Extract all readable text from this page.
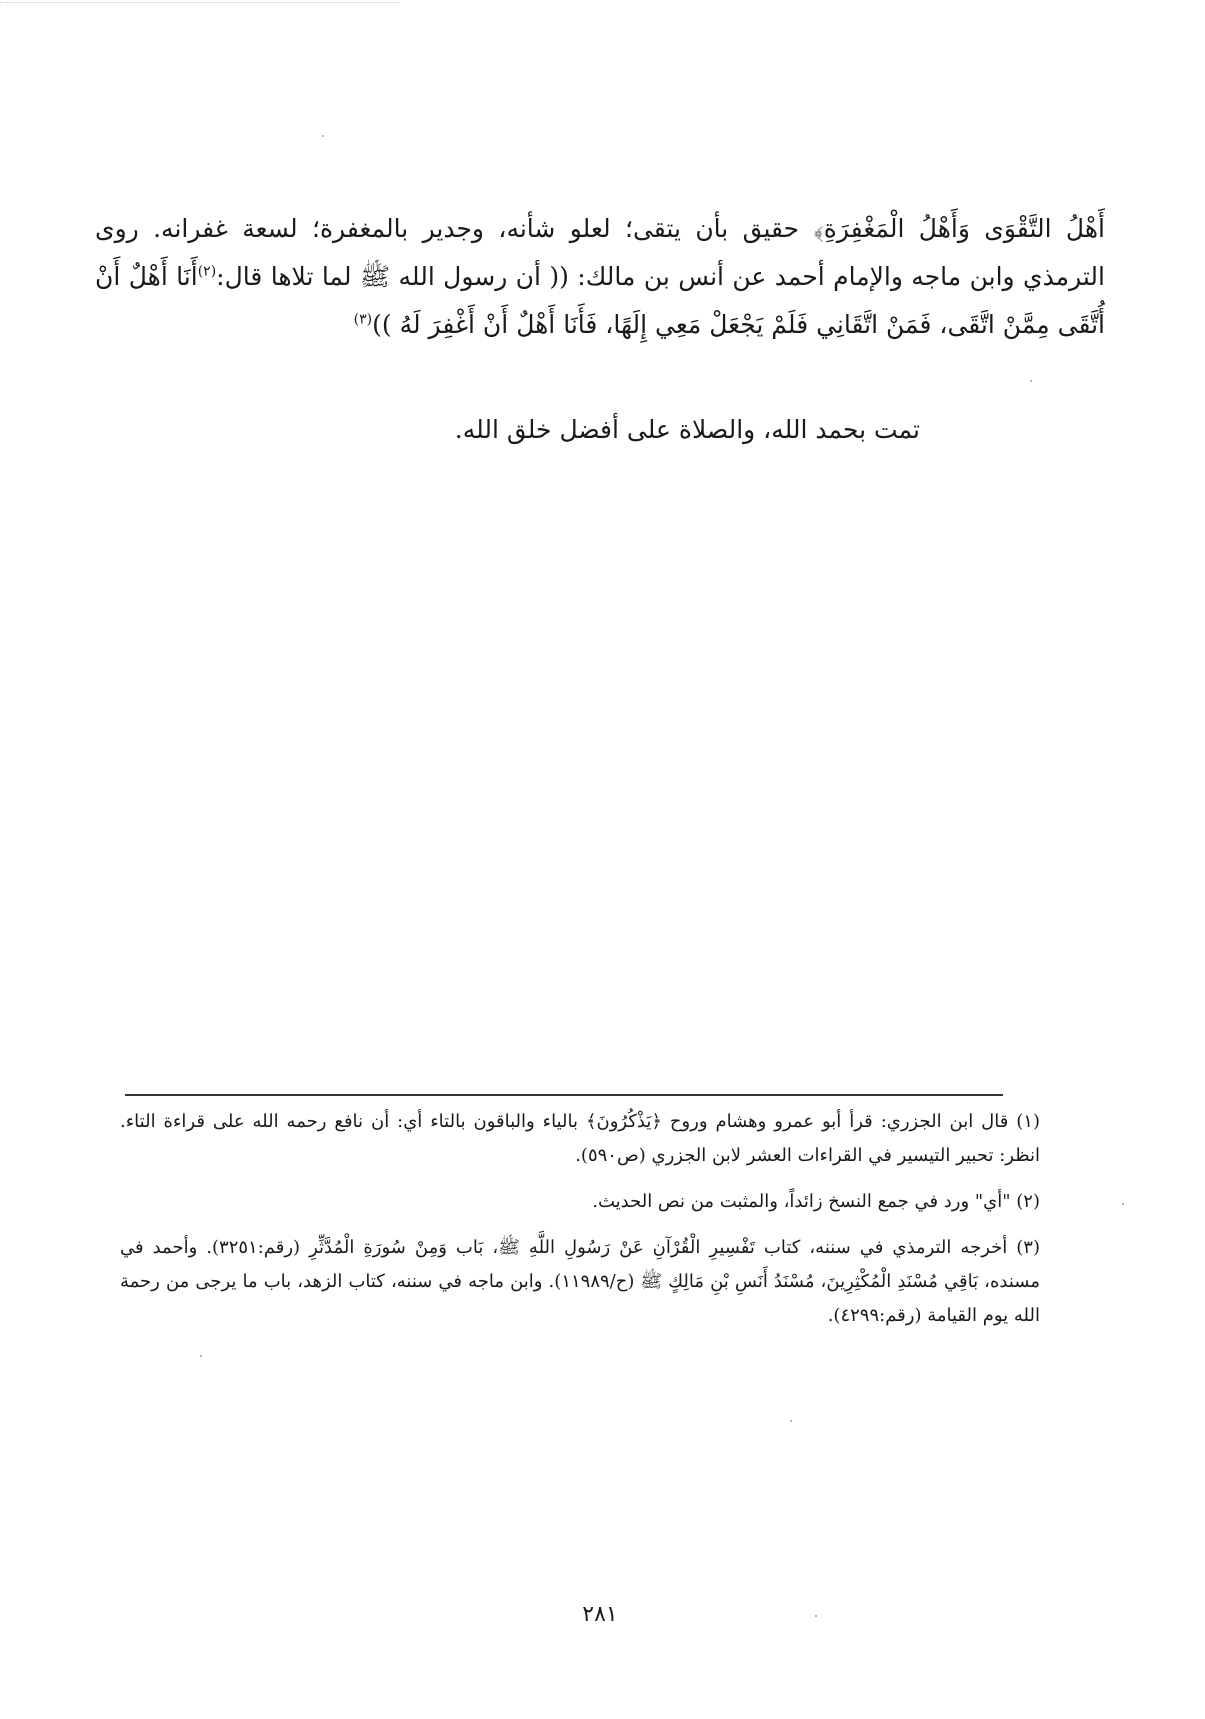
أَهْلُ التَّقْوَى وَأَهْلُ الْمَغْفِرَةِ﴾ حقيق بأن يتقى؛ لعلو شأنه، وجدير بالمغفرة؛ لسعة غفرانه. روى الترمذي وابن ماجه والإمام أحمد عن أنس بن مالك: (( أن رسول الله ﷺ لما تلاها قال:$^{(٢)}$أَنَا أَهْلٌ أَنْ أُتَّقَى مِمَّنْ اتَّقَى، فَمَنْ اتَّقَانِي فَلَمْ يَجْعَلْ مَعِي إِلَهًا، فَأَنَا أَهْلٌ أَنْ أَغْفِرَ لَهُ ))$^{(٣)}$

تمت بحمد الله، والصلاة على أفضل خلق الله.

(١) قال ابن الجزري: قرأ أبو عمرو وهشام وروح ﴿يَذْكُرُونَ﴾ بالياء والباقون بالتاء أي: أن نافع رحمه الله على قراءة التاء. انظر: تحبير التيسير في القراءات العشر لابن الجزري (ص٥٩٠).

(٢) "أي" ورد في جمع النسخ زائداً، والمثبت من نص الحديث.

(٣) أخرجه الترمذي في سننه، كتاب تَفْسِيرِ الْقُرْآنِ عَنْ رَسُولِ اللَّهِ ﷺ، بَاب وَمِنْ سُورَةِ الْمُدَّثِّرِ (رقم:٣٢٥١). وأحمد في مسنده، بَاقِي مُسْنَدِ الْمُكْثِرِينَ، مُسْنَدُ أَنَسِ بْنِ مَالِكٍ ﷺ (ح/١١٩٨٩). وابن ماجه في سننه، كتاب الزهد، باب ما يرجى من رحمة الله يوم القيامة (رقم:٤٢٩٩).

٢٨١
